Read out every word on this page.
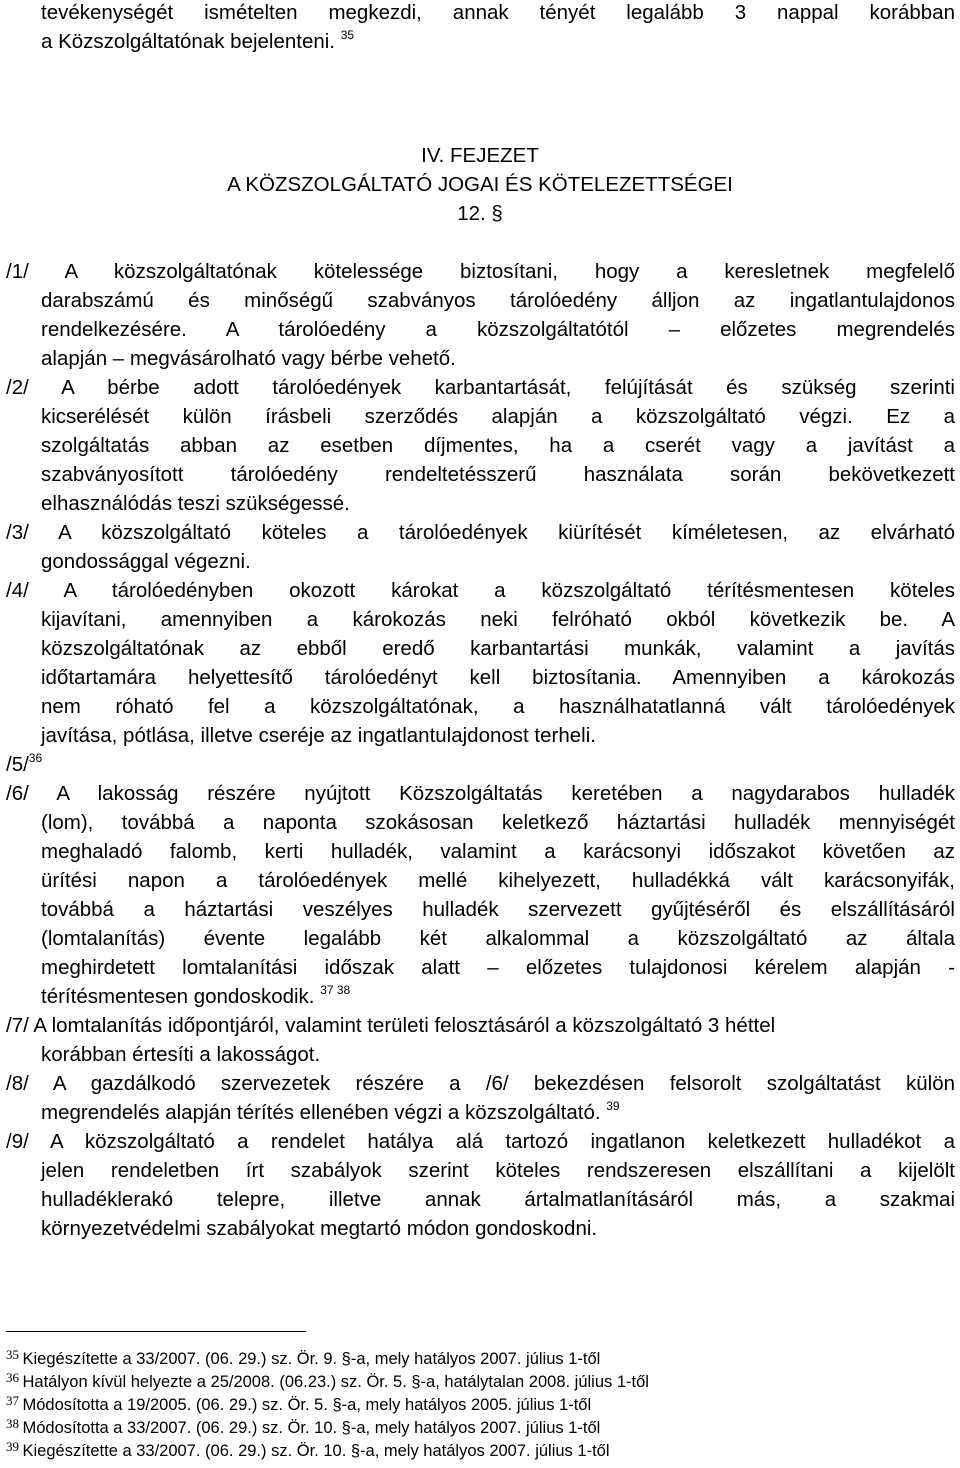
tevékenységét ismételten megkezdi, annak tényét legalább 3 nappal korábban
a Közszolgáltatónak bejelenteni. $^{35}$
IV. FEJEZET
A KÖZSZOLGÁLTATÓ JOGAI ÉS KÖTELEZETTSÉGEI
12. §
/1/ A közszolgáltatónak kötelessége biztosítani, hogy a keresletnek megfelelő
darabszámú és minőségű szabványos tárolóedény álljon az ingatlantulajdonos
rendelkezésére. A tárolóedény a közszolgáltatótól – előzetes megrendelés
alapján – megvásárolható vagy bérbe vehető.
/2/ A bérbe adott tárolóedények karbantartását, felújítását és szükség szerinti
kicserélését külön írásbeli szerződés alapján a közszolgáltató végzi. Ez a
szolgáltatás abban az esetben díjmentes, ha a cserét vagy a javítást a
szabványosított tárolóedény rendeltetésszerű használata során bekövetkezett
elhasználódás teszi szükségessé.
/3/ A közszolgáltató köteles a tárolóedények kiürítését kíméletesen, az elvárható
gondossággal végezni.
/4/ A tárolóedényben okozott károkat a közszolgáltató térítésmentesen köteles
kijavítani, amennyiben a károkozás neki felróható okból következik be. A
közszolgáltatónak az ebből eredő karbantartási munkák, valamint a javítás
időtartamára helyettesítő tárolóedényt kell biztosítania. Amennyiben a károkozás
nem róható fel a közszolgáltatónak, a használhatatlanná vált tárolóedények
javítása, pótlása, illetve cseréje az ingatlantulajdonost terheli.
/5/$^{36}$
/6/ A lakosság részére nyújtott Közszolgáltatás keretében a nagydarabos hulladék
(lom), továbbá a naponta szokásosan keletkező háztartási hulladék mennyiségét
meghaladó falomb, kerti hulladék, valamint a karácsonyi időszakot követően az
ürítési napon a tárolóedények mellé kihelyezett, hulladékká vált karácsonyifák,
továbbá a háztartási veszélyes hulladék szervezett gyűjtéséről és elszállításáról
(lomtalanítás) évente legalább két alkalommal a közszolgáltató az általa
meghirdetett lomtalanítási időszak alatt – előzetes tulajdonosi kérelem alapján -
térítésmentesen gondoskodik. $^{37 38}$
/7/ A lomtalanítás időpontjáról, valamint területi felosztásáról a közszolgáltató 3 héttel
korábban értesíti a lakosságot.
/8/ A gazdálkodó szervezetek részére a /6/ bekezdésen felsorolt szolgáltatást külön
megrendelés alapján térítés ellenében végzi a közszolgáltató. $^{39}$
/9/ A közszolgáltató a rendelet hatálya alá tartozó ingatlanon keletkezett hulladékot a
jelen rendeletben írt szabályok szerint köteles rendszeresen elszállítani a kijelölt
hulladéklerakó telepre, illetve annak ártalmatlanításáról más, a szakmai
környezetvédelmi szabályokat megtartó módon gondoskodni.
$^{35}$ Kiegészítette a 33/2007. (06. 29.) sz. Ör. 9. §-a, mely hatályos 2007. július 1-től
$^{36}$ Hatályon kívül helyezte a 25/2008. (06.23.) sz. Ör. 5. §-a, hatálytalan 2008. július 1-től
$^{37}$ Módosította a 19/2005. (06. 29.) sz. Ör. 5. §-a, mely hatályos 2005. július 1-től
$^{38}$ Módosította a 33/2007. (06. 29.) sz. Ör. 10. §-a, mely hatályos 2007. július 1-től
$^{39}$ Kiegészítette a 33/2007. (06. 29.) sz. Ör. 10. §-a, mely hatályos 2007. július 1-től
